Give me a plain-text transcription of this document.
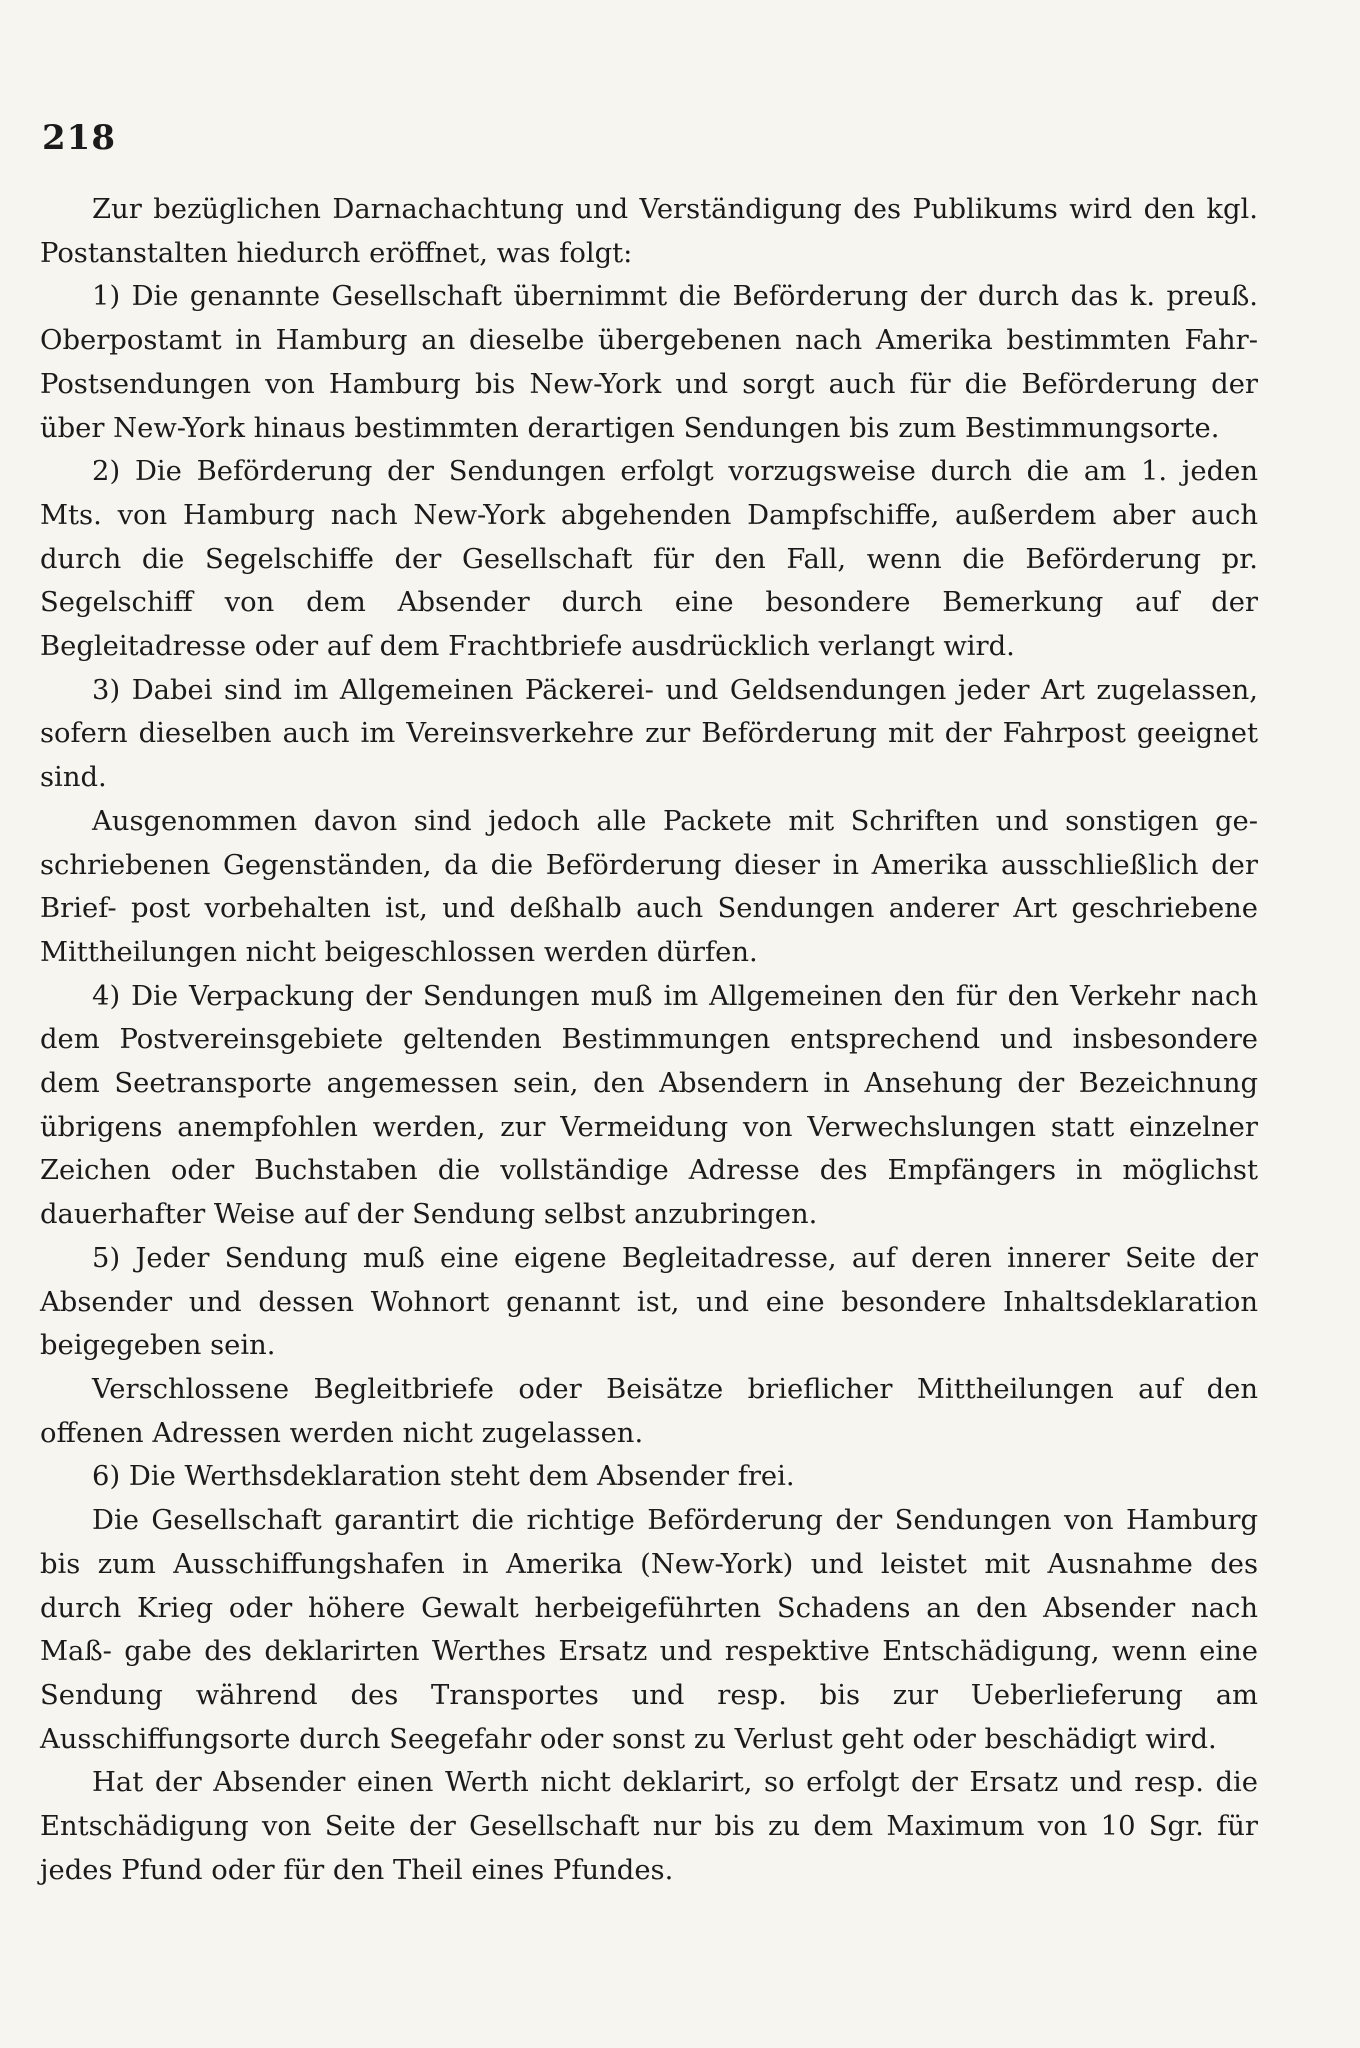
218

Zur bezüglichen Darnachachtung und Verständigung des Publikums wird den kgl. Postanstalten hiedurch eröffnet, was folgt:

1) Die genannte Gesellschaft übernimmt die Beförderung der durch das k. preuß. Oberpostamt in Hamburg an dieselbe übergebenen nach Amerika bestimmten Fahr- Postsendungen von Hamburg bis New-York und sorgt auch für die Beförderung der über New-York hinaus bestimmten derartigen Sendungen bis zum Bestimmungsorte.

2) Die Beförderung der Sendungen erfolgt vorzugsweise durch die am 1. jeden Mts. von Hamburg nach New-York abgehenden Dampfschiffe, außerdem aber auch durch die Segelschiffe der Gesellschaft für den Fall, wenn die Beförderung pr. Segelschiff von dem Absender durch eine besondere Bemerkung auf der Begleitadresse oder auf dem Frachtbriefe ausdrücklich verlangt wird.

3) Dabei sind im Allgemeinen Päckerei- und Geldsendungen jeder Art zugelassen, sofern dieselben auch im Vereinsverkehre zur Beförderung mit der Fahrpost geeignet sind.

Ausgenommen davon sind jedoch alle Packete mit Schriften und sonstigen ge- schriebenen Gegenständen, da die Beförderung dieser in Amerika ausschließlich der Brief- post vorbehalten ist, und deßhalb auch Sendungen anderer Art geschriebene Mittheilungen nicht beigeschlossen werden dürfen.

4) Die Verpackung der Sendungen muß im Allgemeinen den für den Verkehr nach dem Postvereinsgebiete geltenden Bestimmungen entsprechend und insbesondere dem Seetransporte angemessen sein, den Absendern in Ansehung der Bezeichnung übrigens anempfohlen werden, zur Vermeidung von Verwechslungen statt einzelner Zeichen oder Buchstaben die vollständige Adresse des Empfängers in möglichst dauerhafter Weise auf der Sendung selbst anzubringen.

5) Jeder Sendung muß eine eigene Begleitadresse, auf deren innerer Seite der Absender und dessen Wohnort genannt ist, und eine besondere Inhaltsdeklaration beigegeben sein.

Verschlossene Begleitbriefe oder Beisätze brieflicher Mittheilungen auf den offenen Adressen werden nicht zugelassen.

6) Die Werthsdeklaration steht dem Absender frei.

Die Gesellschaft garantirt die richtige Beförderung der Sendungen von Hamburg bis zum Ausschiffungshafen in Amerika (New-York) und leistet mit Ausnahme des durch Krieg oder höhere Gewalt herbeigeführten Schadens an den Absender nach Maß- gabe des deklarirten Werthes Ersatz und respektive Entschädigung, wenn eine Sendung während des Transportes und resp. bis zur Ueberlieferung am Ausschiffungsorte durch Seegefahr oder sonst zu Verlust geht oder beschädigt wird.

Hat der Absender einen Werth nicht deklarirt, so erfolgt der Ersatz und resp. die Entschädigung von Seite der Gesellschaft nur bis zu dem Maximum von 10 Sgr. für jedes Pfund oder für den Theil eines Pfundes.
